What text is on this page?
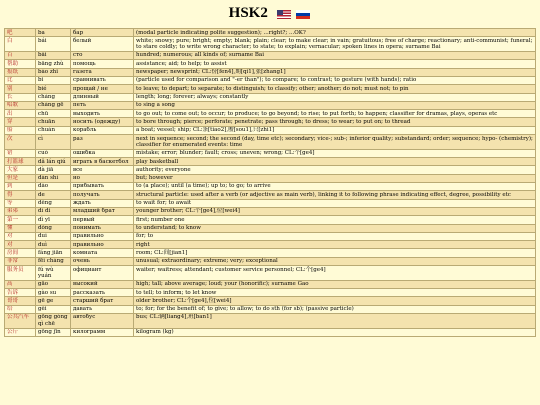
HSK2
吧	ba	бар	(modal particle indicating polite suggestion); ...right?; ...OK?
白	bái	белый	white; snowy; pure; bright; empty; blank; plain; clear; to make clear; in vain; gratuitous; free of charge; reactionary; anti-communist; funeral; to stare coldly; to write wrong character; to state; to explain; vernacular; spoken lines in opera; surname Bai
百	bǎi	сто	hundred; numerous; all kinds of; surname Bai
帮助	bāng zhù	помощь	assistance; aid; to help; to assist
报纸	bào zhǐ	газета	newspaper; newsprint; CL:份[fen4],期[qi1],张[zhang1]
比	bǐ	сравнивать	(particle used for comparison and "-er than"); to compare; to contrast; to gesture (with hands); ratio
别	bié	прощай / не	to leave; to depart; to separate; to distinguish; to classify; other; another; do not; must not; to pin
长	cháng	длинный	length; long; forever; always; constantly
唱歌	chàng gē	петь	to sing a song
出	chū	выходить	to go out; to come out; to occur; to produce; to go beyond; to rise; to put forth; to happen; classifier for dramas, plays, operas etc
穿	chuān	носить (одежду)	to bore through; pierce; perforate; penetrate; pass through; to dress; to wear; to put on; to thread
船	chuán	корабль	a boat; vessel; ship; CL:条[tiao2],艘[sou1],只[zhi1]
次	cì	раз	next in sequence; second; the second (day, time etc); secondary; vice-; sub-; inferior quality; substandard; order; sequence; hypo- (chemistry); classifier for enumerated events: time
错	cuò	ошибка	mistake; error; blunder; fault; cross; uneven; wrong; CL:个[ge4]
打篮球	dǎ lán qiú	играть в баскетбол	play basketball
大家	dà jiā	все	authority; everyone
但是	dàn shì	но	but; however
到	dào	прибывать	to (a place); until (a time); up to; to go; to arrive
得	de	получать	structural particle: used after a verb (or adjective as main verb), linking it to following phrase indicating effect, degree, possibility etc
等	děng	ждать	to wait for; to await
弟弟	dì di	младший брат	younger brother; CL:个[ge4],位[wei4]
第一	dì yī	первый	first; number one
懂	dǒng	понимать	to understand; to know
对	duì	правильно	for; to
对	duì	правильно	right
房间	fáng jiān	комната	room; CL:间[jian1]
非常	fēi cháng	очень	unusual; extraordinary; extreme; very; exceptional
服务员	fú wù yuán	официант	waiter; waitress; attendant; customer service personnel; CL:个[ge4]
高	gāo	высокий	high; tall; above average; loud; your (honorific); surname Gao
告诉	gào su	рассказать	to tell; to inform; to let know
哥哥	gē ge	старший брат	older brother; CL:个[ge4],位[wei4]
给	gěi	давать	to; for; for the benefit of; to give; to allow; to do sth (for sb); (passive particle)
公共汽车	gōng gòng qì chē	автобус	bus; CL:辆[liang4],班[ban1]
公斤	gōng jīn	килограмм	kilogram (kg)
